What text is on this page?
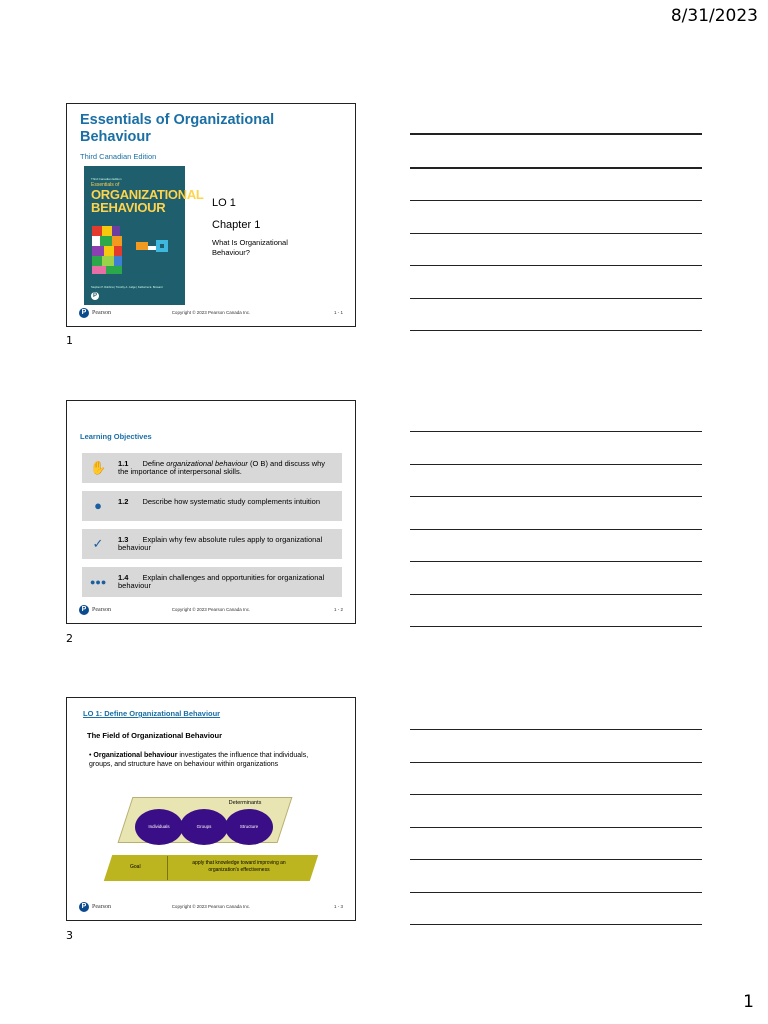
8/31/2023
Essentials of Organizational Behaviour
Third Canadian Edition
Third Canadian Edition
Essentials of
ORGANIZATIONAL
BEHAVIOUR
Stephen P. Robbins | Timothy A. Judge | Katherine E. Breward
P
LO 1
Chapter 1
What Is Organizational Behaviour?
P Pearson	Copyright © 2023 Pearson Canada Inc.	1 - 1
1
Learning Objectives
✋ 1.1 Define organizational behaviour (O B) and discuss why the importance of interpersonal skills.
●	1.2 Describe how systematic study complements intuition
✓	1.3 Explain why few absolute rules apply to organizational behaviour
●●● 1.4 Explain challenges and opportunities for organizational behaviour
P Pearson	Copyright © 2023 Pearson Canada Inc.	1 - 2
2
LO 1: Define Organizational Behaviour
The Field of Organizational Behaviour
• Organizational behaviour investigates the influence that individuals, groups, and structure have on behaviour within organizations
Determinants
Individuals	Groups	Structure
Goal
apply that knowledge toward improving an organization's effectiveness
P Pearson	Copyright © 2023 Pearson Canada Inc.	1 - 3
3
1
